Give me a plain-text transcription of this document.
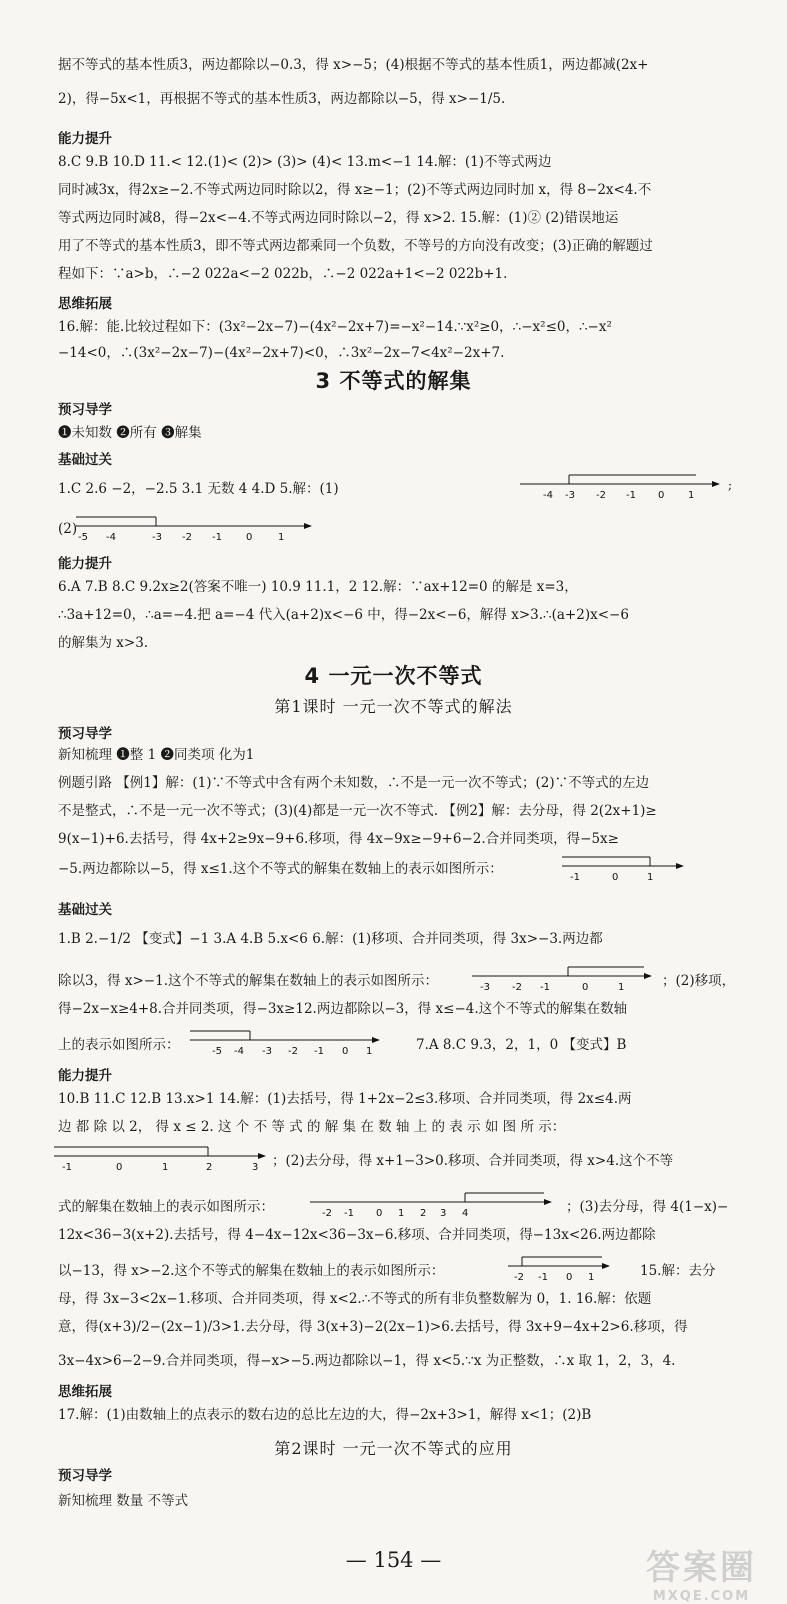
据不等式的基本性质3，两边都除以−0.3，得 x>−5；(4)根据不等式的基本性质1，两边都减(2x+
2)，得−5x<1，再根据不等式的基本性质3，两边都除以−5，得 x>−1/5.
能力提升
8.C 9.B 10.D 11.< 12.(1)< (2)> (3)> (4)< 13.m<−1 14.解：(1)不等式两边
同时减3x，得2x≥−2.不等式两边同时除以2，得 x≥−1；(2)不等式两边同时加 x，得 8−2x<4.不
等式两边同时减8，得−2x<−4.不等式两边同时除以−2，得 x>2. 15.解：(1)② (2)错误地运
用了不等式的基本性质3，即不等式两边都乘同一个负数，不等号的方向没有改变；(3)正确的解题过
程如下：∵a>b，∴−2 022a<−2 022b，∴−2 022a+1<−2 022b+1.
思维拓展
16.解：能.比较过程如下：(3x²−2x−7)−(4x²−2x+7)=−x²−14.∵x²≥0，∴−x²≤0，∴−x²
−14<0，∴(3x²−2x−7)−(4x²−2x+7)<0，∴3x²−2x−7<4x²−2x+7.
3 不等式的解集
预习导学
❶未知数 ❷所有 ❸解集
基础过关
1.C 2.6 −2，−2.5 3.1 无数 4 4.D 5.解：(1)	-4 -3 -2 -1 0 1
;
(2)
-5 -4	-3 -2 -1 0	1
能力提升
6.A 7.B 8.C 9.2x≥2(答案不唯一) 10.9 11.1，2 12.解：∵ax+12=0 的解是 x=3，
∴3a+12=0，∴a=−4.把 a=−4 代入(a+2)x<−6 中，得−2x<−6，解得 x>3.∴(a+2)x<−6
的解集为 x>3.
4 一元一次不等式
第1课时 一元一次不等式的解法
预习导学
新知梳理 ❶整 1 ❷同类项 化为1
例题引路 【例1】解：(1)∵不等式中含有两个未知数，∴不是一元一次不等式；(2)∵不等式的左边
不是整式，∴不是一元一次不等式；(3)(4)都是一元一次不等式. 【例2】解：去分母，得 2(2x+1)≥
9(x−1)+6.去括号，得 4x+2≥9x−9+6.移项，得 4x−9x≥−9+6−2.合并同类项，得−5x≥
−5.两边都除以−5，得 x≤1.这个不等式的解集在数轴上的表示如图所示：
-1	0	1
基础过关
1.B 2.−1/2 【变式】−1 3.A 4.B 5.x<6 6.解：(1)移项、合并同类项，得 3x>−3.两边都
除以3，得 x>−1.这个不等式的解集在数轴上的表示如图所示：	-3 -2 -1	0	1	；(2)移项，
得−2x−x≥4+8.合并同类项，得−3x≥12.两边都除以−3，得 x≤−4.这个不等式的解集在数轴
上的表示如图所示：	-5 -4 -3 -2 -1 0 1	7.A 8.C 9.3，2，1，0 【变式】B
能力提升
10.B 11.C 12.B 13.x>1 14.解：(1)去括号，得 1+2x−2≤3.移项、合并同类项，得 2x≤4.两
边 都 除 以 2， 得 x ≤ 2. 这 个 不 等 式 的 解 集 在 数 轴 上 的 表 示 如 图 所 示：
-1	0	1	2	3 ；(2)去分母，得 x+1−3>0.移项、合并同类项，得 x>4.这个不等
式的解集在数轴上的表示如图所示：	-2 -1 0 1 2 3 4	；(3)去分母，得 4(1−x)−
12x<36−3(x+2).去括号，得 4−4x−12x<36−3x−6.移项、合并同类项，得−13x<26.两边都除
以−13，得 x>−2.这个不等式的解集在数轴上的表示如图所示：	-2 -1 0 1	15.解：去分
母，得 3x−3<2x−1.移项、合并同类项，得 x<2.∴不等式的所有非负整数解为 0，1. 16.解：依题
意，得(x+3)/2−(2x−1)/3>1.去分母，得 3(x+3)−2(2x−1)>6.去括号，得 3x+9−4x+2>6.移项，得
3x−4x>6−2−9.合并同类项，得−x>−5.两边都除以−1，得 x<5.∵x 为正整数，∴x 取 1，2，3，4.
思维拓展
17.解：(1)由数轴上的点表示的数右边的总比左边的大，得−2x+3>1，解得 x<1；(2)B
第2课时 一元一次不等式的应用
预习导学
新知梳理 数量 不等式
— 154 —	答案圈
MXQE.COM
